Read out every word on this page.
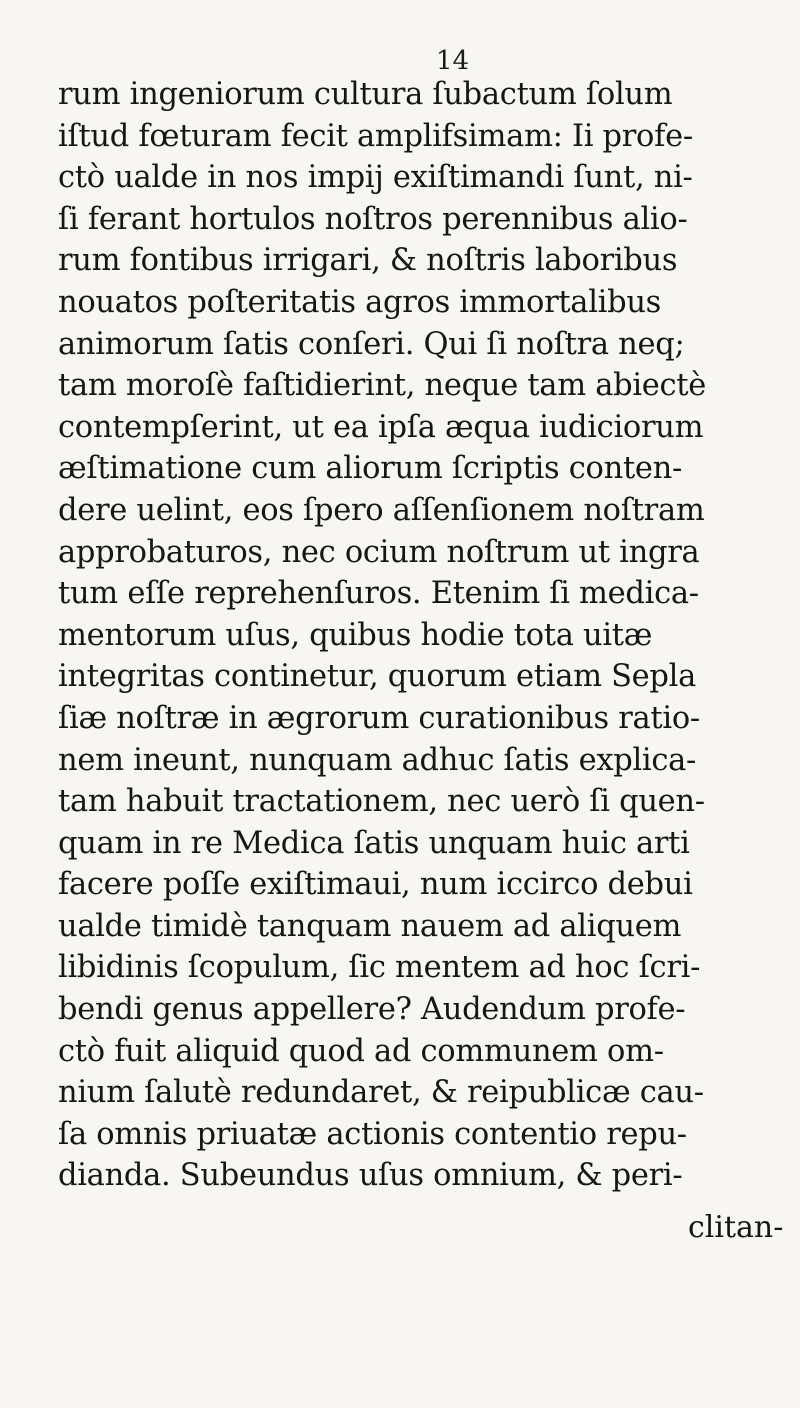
14
rum ingeniorum cultura ſubactum ſolum
iſtud fœturam fecit amplifsimam: Ii profe-
ctò ualde in nos impij exiſtimandi ſunt, ni-
ſi ferant hortulos noſtros perennibus alio-
rum fontibus irrigari, & noſtris laboribus
nouatos poſteritatis agros immortalibus
animorum ſatis conſeri. Qui ſi noſtra neq;
tam moroſè faſtidierint, neque tam abiectè
contempſerint, ut ea ipſa æqua iudiciorum
æſtimatione cum aliorum ſcriptis conten-
dere uelint, eos ſpero aſſenſionem noſtram
approbaturos, nec ocium noſtrum ut ingra
tum eſſe reprehenſuros. Etenim ſi medica-
mentorum uſus, quibus hodie tota uitæ
integritas continetur, quorum etiam Sepla
ſiæ noſtræ in ægrorum curationibus ratio-
nem ineunt, nunquam adhuc ſatis explica-
tam habuit tractationem, nec uerò ſi quen-
quam in re Medica ſatis unquam huic arti
facere poſſe exiſtimaui, num iccirco debui
ualde timidè tanquam nauem ad aliquem
libidinis ſcopulum, ſic mentem ad hoc ſcri-
bendi genus appellere? Audendum profe-
ctò fuit aliquid quod ad communem om-
nium ſalutè redundaret, & reipublicæ cau-
ſa omnis priuatæ actionis contentio repu-
dianda. Subeundus uſus omnium, & peri-
clitan-
